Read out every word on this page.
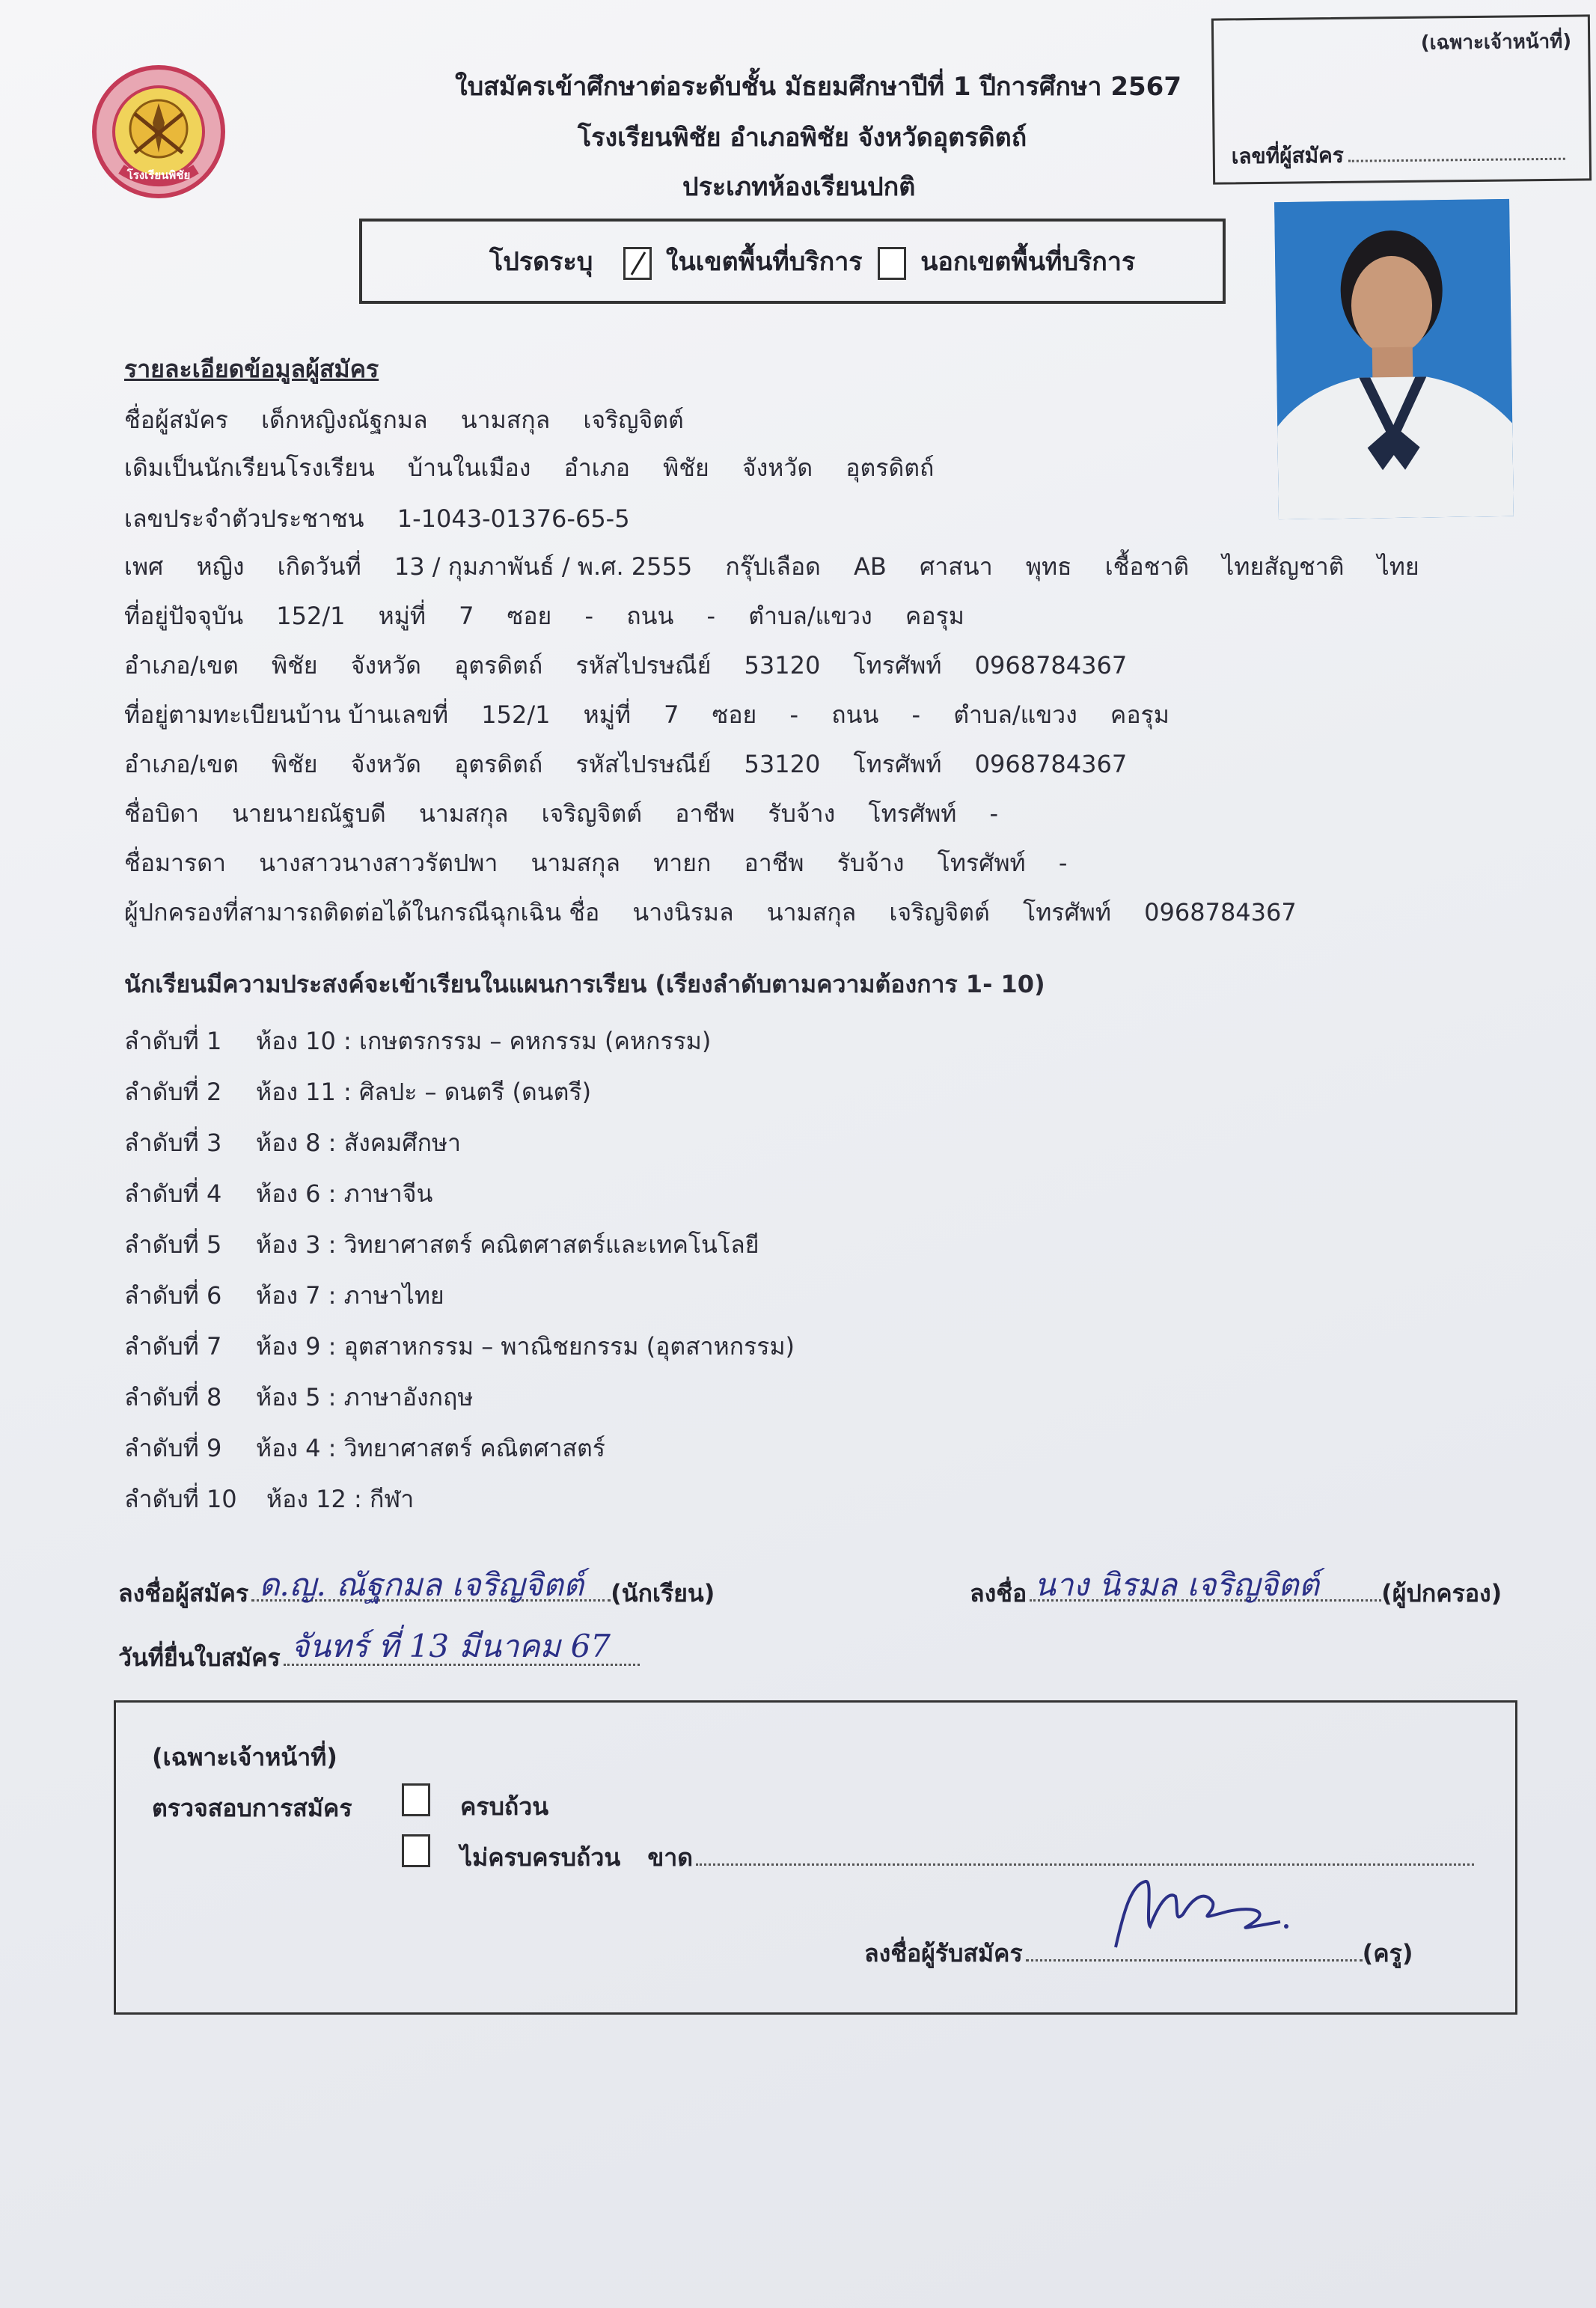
โรงเรียนพิชัย
ใบสมัครเข้าศึกษาต่อระดับชั้น มัธยมศึกษาปีที่ 1 ปีการศึกษา 2567
โรงเรียนพิชัย อำเภอพิชัย จังหวัดอุตรดิตถ์
ประเภทห้องเรียนปกติ
(เฉพาะเจ้าหน้าที่)
เลขที่ผู้สมัคร
โปรดระบุ	ในเขตพื้นที่บริการ นอกเขตพื้นที่บริการ
รายละเอียดข้อมูลผู้สมัคร
ชื่อผู้สมัคร เด็กหญิงณัฐกมล นามสกุล เจริญจิตต์
เดิมเป็นนักเรียนโรงเรียน บ้านในเมือง อำเภอ พิชัย จังหวัด อุตรดิตถ์
เลขประจำตัวประชาชน 1-1043-01376-65-5
เพศ หญิง เกิดวันที่ 13 / กุมภาพันธ์ / พ.ศ. 2555 กรุ๊ปเลือด AB ศาสนา พุทธ เชื้อชาติ ไทยสัญชาติ ไทย
ที่อยู่ปัจจุบัน 152/1 หมู่ที่ 7 ซอย - ถนน - ตำบล/แขวง คอรุม
อำเภอ/เขต พิชัย จังหวัด อุตรดิตถ์ รหัสไปรษณีย์ 53120 โทรศัพท์ 0968784367
ที่อยู่ตามทะเบียนบ้าน บ้านเลขที่ 152/1 หมู่ที่ 7 ซอย - ถนน - ตำบล/แขวง คอรุม
อำเภอ/เขต พิชัย จังหวัด อุตรดิตถ์ รหัสไปรษณีย์ 53120 โทรศัพท์ 0968784367
ชื่อบิดา นายนายณัฐบดี นามสกุล เจริญจิตต์ อาชีพ รับจ้าง โทรศัพท์ -
ชื่อมารดา นางสาวนางสาวรัตปพา นามสกุล ทายก อาชีพ รับจ้าง โทรศัพท์ -
ผู้ปกครองที่สามารถติดต่อได้ในกรณีฉุกเฉิน ชื่อ นางนิรมล นามสกุล เจริญจิตต์ โทรศัพท์ 0968784367
นักเรียนมีความประสงค์จะเข้าเรียนในแผนการเรียน (เรียงลำดับตามความต้องการ 1- 10)
ลำดับที่ 1 ห้อง 10 : เกษตรกรรม – คหกรรม (คหกรรม)
ลำดับที่ 2 ห้อง 11 : ศิลปะ – ดนตรี (ดนตรี)
ลำดับที่ 3 ห้อง 8 : สังคมศึกษา
ลำดับที่ 4 ห้อง 6 : ภาษาจีน
ลำดับที่ 5 ห้อง 3 : วิทยาศาสตร์ คณิตศาสตร์และเทคโนโลยี
ลำดับที่ 6 ห้อง 7 : ภาษาไทย
ลำดับที่ 7 ห้อง 9 : อุตสาหกรรม – พาณิชยกรรม (อุตสาหกรรม)
ลำดับที่ 8 ห้อง 5 : ภาษาอังกฤษ
ลำดับที่ 9 ห้อง 4 : วิทยาศาสตร์ คณิตศาสตร์
ลำดับที่ 10 ห้อง 12 : กีฬา
ลงชื่อผู้สมัคร ด.ญ. ณัฐกมล เจริญจิตต์ (นักเรียน)	ลงชื่อ นาง นิรมล เจริญจิตต์	(ผู้ปกครอง)
วันที่ยื่นใบสมัคร จันทร์ ที่ 13 มีนาคม 67
(เฉพาะเจ้าหน้าที่)
ตรวจสอบการสมัคร	ครบถ้วน
ไม่ครบครบถ้วน ขาด
ลงชื่อผู้รับสมัคร	(ครู)
